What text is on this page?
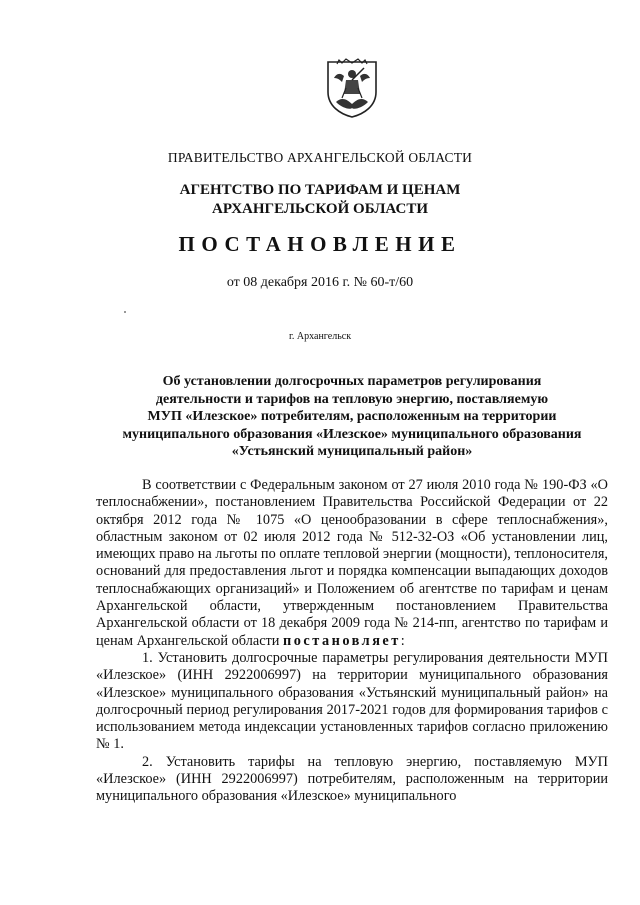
ПРАВИТЕЛЬСТВО АРХАНГЕЛЬСКОЙ ОБЛАСТИ
АГЕНТСТВО ПО ТАРИФАМ И ЦЕНАМ
АРХАНГЕЛЬСКОЙ ОБЛАСТИ
ПОСТАНОВЛЕНИЕ
от 08 декабря 2016 г. № 60-т/60
г. Архангельск
Об установлении долгосрочных параметров регулирования
деятельности и тарифов на тепловую энергию, поставляемую
МУП «Илезское» потребителям, расположенным на территории
муниципального образования «Илезское» муниципального образования
«Устьянский муниципальный район»

В соответствии с Федеральным законом от 27 июля 2010 года № 190-ФЗ «О теплоснабжении», постановлением Правительства Российской Федерации от 22 октября 2012 года № 1075 «О ценообразовании в сфере теплоснабжения», областным законом от 02 июля 2012 года № 512-32-ОЗ «Об установлении лиц, имеющих право на льготы по оплате тепловой энергии (мощности), теплоносителя, оснований для предоставления льгот и порядка компенсации выпадающих доходов теплоснабжающих организаций» и Положением об агентстве по тарифам и ценам Архангельской области, утвержденным постановлением Правительства Архангельской области от 18 декабря 2009 года № 214-пп, агентство по тарифам и ценам Архангельской области постановляет:

1. Установить долгосрочные параметры регулирования деятельности МУП «Илезское» (ИНН 2922006997) на территории муниципального образования «Илезское» муниципального образования «Устьянский муниципальный район» на долгосрочный период регулирования 2017-2021 годов для формирования тарифов с использованием метода индексации установленных тарифов согласно приложению № 1.

2. Установить тарифы на тепловую энергию, поставляемую МУП «Илезское» (ИНН 2922006997) потребителям, расположенным на территории муниципального образования «Илезское» муниципального
